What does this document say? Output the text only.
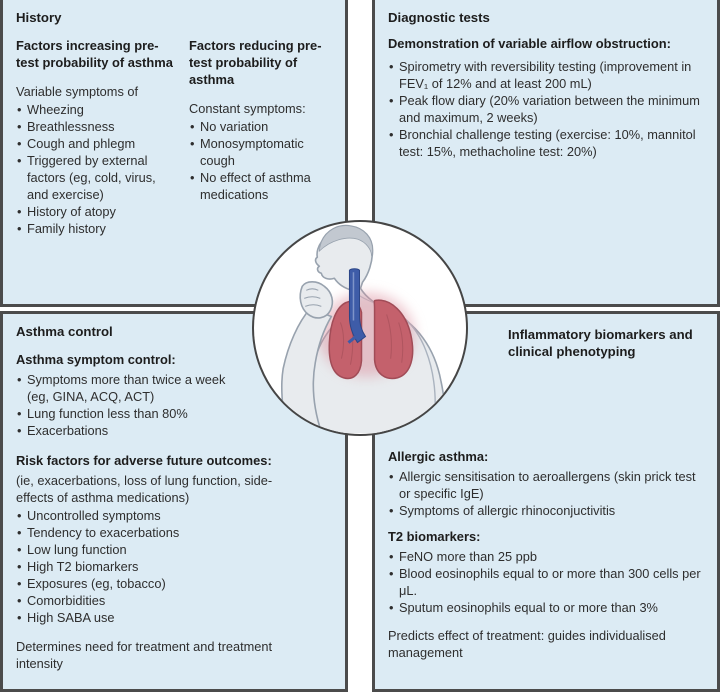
History
Factors increasing pre-test probability of asthma

Variable symptoms of

• Wheezing
• Breathlessness
• Cough and phlegm
• Triggered by external factors (eg, cold, virus, and exercise)
• History of atopy
• Family history
Factors reducing pre-test probability of asthma

Constant symptoms:

• No variation
• Monosymptomatic cough
• No effect of asthma medications
Diagnostic tests
Demonstration of variable airflow obstruction:
• Spirometry with reversibility testing (improvement in FEV₁ of 12% and at least 200 mL)
• Peak flow diary (20% variation between the minimum and maximum, 2 weeks)
• Bronchial challenge testing (exercise: 10%, mannitol test: 15%, methacholine test: 20%)
Asthma control
Asthma symptom control:
• Symptoms more than twice a week (eg, GINA, ACQ, ACT)
• Lung function less than 80%
• Exacerbations
Risk factors for adverse future outcomes:

(ie, exacerbations, loss of lung function, side-effects of asthma medications)

• Uncontrolled symptoms
• Tendency to exacerbations
• Low lung function
• High T2 biomarkers
• Exposures (eg, tobacco)
• Comorbidities
• High SABA use

Determines need for treatment and treatment intensity

Inflammatory biomarkers and clinical phenotyping
Allergic asthma:
• Allergic sensitisation to aeroallergens (skin prick test or specific IgE)
• Symptoms of allergic rhinoconjuctivitis
T2 biomarkers:
• FeNO more than 25 ppb
• Blood eosinophils equal to or more than 300 cells per μL.
• Sputum eosinophils equal to or more than 3%

Predicts effect of treatment: guides individualised management
